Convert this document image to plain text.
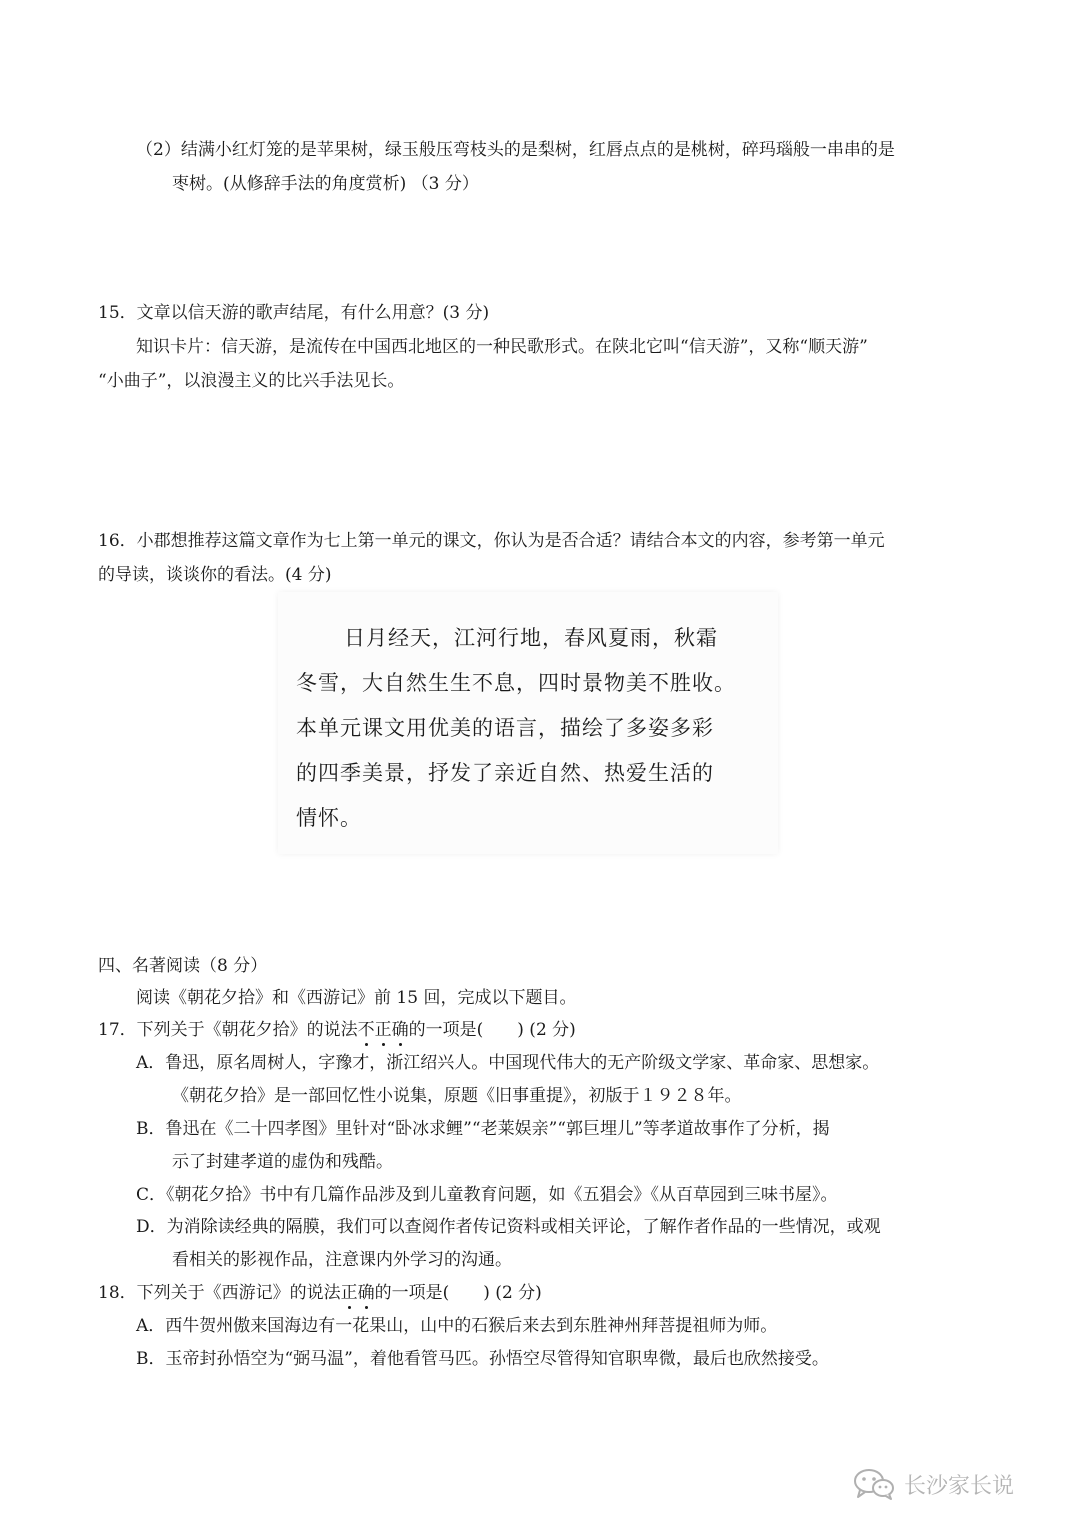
（2）结满小红灯笼的是苹果树，绿玉般压弯枝头的是梨树，红唇点点的是桃树，碎玛瑙般一串串的是
枣树。(从修辞手法的角度赏析) （3 分）
15．文章以信天游的歌声结尾，有什么用意？(3 分)
知识卡片：信天游，是流传在中国西北地区的一种民歌形式。在陕北它叫“信天游”，又称“顺天游”
“小曲子”，以浪漫主义的比兴手法见长。
16．小郡想推荐这篇文章作为七上第一单元的课文，你认为是否合适？请结合本文的内容，参考第一单元
的导读，谈谈你的看法。(4 分)
日月经天，江河行地，春风夏雨，秋霜
冬雪，大自然生生不息，四时景物美不胜收。
本单元课文用优美的语言，描绘了多姿多彩
的四季美景，抒发了亲近自然、热爱生活的
情怀。
四、名著阅读（8 分）
阅读《朝花夕拾》和《西游记》前 15 回，完成以下题目。
17．下列关于《朝花夕拾》的说法不正确的一项是(　　) (2 分)
A．鲁迅，原名周树人，字豫才，浙江绍兴人。中国现代伟大的无产阶级文学家、革命家、思想家。
《朝花夕拾》是一部回忆性小说集，原题《旧事重提》，初版于１９２８年。
B．鲁迅在《二十四孝图》里针对“卧冰求鲤”“老莱娱亲”“郭巨埋儿”等孝道故事作了分析，揭
示了封建孝道的虚伪和残酷。
C．《朝花夕拾》书中有几篇作品涉及到儿童教育问题，如《五猖会》《从百草园到三味书屋》。
D．为消除读经典的隔膜，我们可以查阅作者传记资料或相关评论，了解作者作品的一些情况，或观
看相关的影视作品，注意课内外学习的沟通。
18．下列关于《西游记》的说法正确的一项是(　　) (2 分)
A．西牛贺州傲来国海边有一花果山，山中的石猴后来去到东胜神州拜菩提祖师为师。
B．玉帝封孙悟空为“弼马温”，着他看管马匹。孙悟空尽管得知官职卑微，最后也欣然接受。
长沙家长说
